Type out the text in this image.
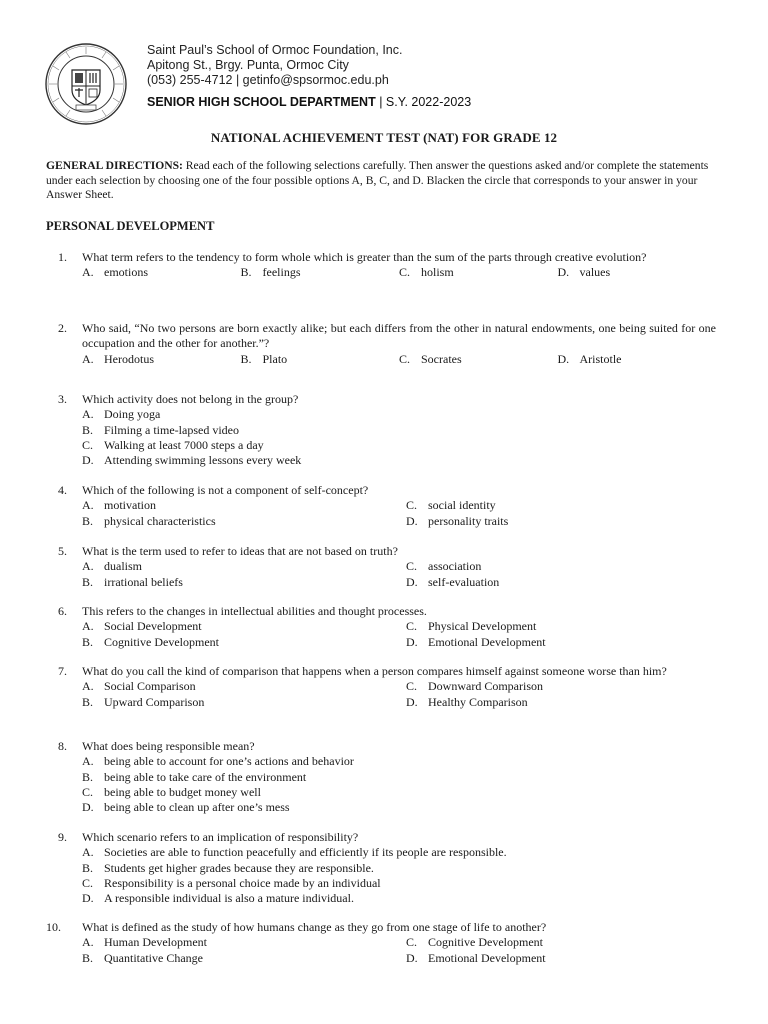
Saint Paul’s School of Ormoc Foundation, Inc.
Apitong St., Brgy. Punta, Ormoc City
(053) 255-4712 | getinfo@spsormoc.edu.ph
SENIOR HIGH SCHOOL DEPARTMENT | S.Y. 2022-2023
NATIONAL ACHIEVEMENT TEST (NAT) FOR GRADE 12
GENERAL DIRECTIONS: Read each of the following selections carefully. Then answer the questions asked and/or complete the statements under each selection by choosing one of the four possible options A, B, C, and D. Blacken the circle that corresponds to your answer in your Answer Sheet.
PERSONAL DEVELOPMENT
1.	What term refers to the tendency to form whole which is greater than the sum of the parts through creative evolution?
A. emotions	B. feelings	C. holism	D. values
2.	Who said, “No two persons are born exactly alike; but each differs from the other in natural endowments, one being suited for one occupation and the other for another.”?
A. Herodotus	B. Plato	C. Socrates	D. Aristotle
3.	Which activity does not belong in the group?
A. Doing yoga
B. Filming a time-lapsed video
C. Walking at least 7000 steps a day
D. Attending swimming lessons every week
4.	Which of the following is not a component of self-concept?
A. motivation	C. social identity
B. physical characteristics	D. personality traits
5.	What is the term used to refer to ideas that are not based on truth?
A. dualism	C. association
B. irrational beliefs	D. self-evaluation
6.	This refers to the changes in intellectual abilities and thought processes.
A. Social Development	C. Physical Development
B. Cognitive Development	D. Emotional Development
7.	What do you call the kind of comparison that happens when a person compares himself against someone worse than him?
A. Social Comparison	C. Downward Comparison
B. Upward Comparison	D. Healthy Comparison
8.	What does being responsible mean?
A. being able to account for one’s actions and behavior
B. being able to take care of the environment
C. being able to budget money well
D. being able to clean up after one’s mess
9.	Which scenario refers to an implication of responsibility?
A. Societies are able to function peacefully and efficiently if its people are responsible.
B. Students get higher grades because they are responsible.
C. Responsibility is a personal choice made by an individual
D. A responsible individual is also a mature individual.
10.	What is defined as the study of how humans change as they go from one stage of life to another?
A. Human Development	C. Cognitive Development
B. Quantitative Change	D. Emotional Development
